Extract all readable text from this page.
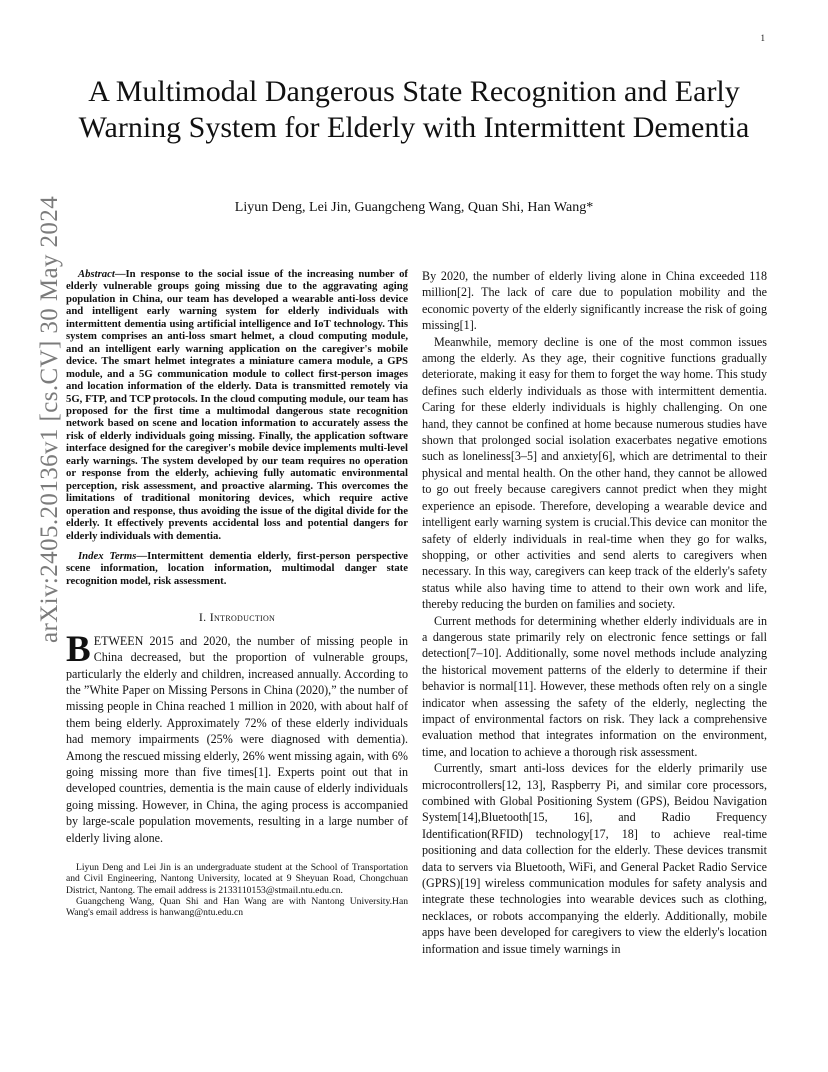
1
arXiv:2405.20136v1 [cs.CV] 30 May 2024
A Multimodal Dangerous State Recognition and Early Warning System for Elderly with Intermittent Dementia
Liyun Deng, Lei Jin, Guangcheng Wang, Quan Shi, Han Wang*

Abstract—In response to the social issue of the increasing number of elderly vulnerable groups going missing due to the aggravating aging population in China, our team has developed a wearable anti-loss device and intelligent early warning system for elderly individuals with intermittent dementia using artificial intelligence and IoT technology. This system comprises an anti-loss smart helmet, a cloud computing module, and an intelligent early warning application on the caregiver's mobile device. The smart helmet integrates a miniature camera module, a GPS module, and a 5G communication module to collect first-person images and location information of the elderly. Data is transmitted remotely via 5G, FTP, and TCP protocols. In the cloud computing module, our team has proposed for the first time a multimodal dangerous state recognition network based on scene and location information to accurately assess the risk of elderly individuals going missing. Finally, the application software interface designed for the caregiver's mobile device implements multi-level early warnings. The system developed by our team requires no operation or response from the elderly, achieving fully automatic environmental perception, risk assessment, and proactive alarming. This overcomes the limitations of traditional monitoring devices, which require active operation and response, thus avoiding the issue of the digital divide for the elderly. It effectively prevents accidental loss and potential dangers for elderly individuals with dementia.

Index Terms—Intermittent dementia elderly, first-person perspective scene information, location information, multimodal danger state recognition model, risk assessment.

I. Introduction

BETWEEN 2015 and 2020, the number of missing people in China decreased, but the proportion of vulnerable groups, particularly the elderly and children, increased annually. According to the ”White Paper on Missing Persons in China (2020),” the number of missing people in China reached 1 million in 2020, with about half of them being elderly. Approximately 72% of these elderly individuals had memory impairments (25% were diagnosed with dementia). Among the rescued missing elderly, 26% went missing again, with 6% going missing more than five times[1]. Experts point out that in developed countries, dementia is the main cause of elderly individuals going missing. However, in China, the aging process is accompanied by large-scale population movements, resulting in a large number of elderly living alone.

Liyun Deng and Lei Jin is an undergraduate student at the School of Transportation and Civil Engineering, Nantong University, located at 9 Sheyuan Road, Chongchuan District, Nantong. The email address is 2133110153@stmail.ntu.edu.cn.

Guangcheng Wang, Quan Shi and Han Wang are with Nantong University.Han Wang's email address is hanwang@ntu.edu.cn

By 2020, the number of elderly living alone in China exceeded 118 million[2]. The lack of care due to population mobility and the economic poverty of the elderly significantly increase the risk of going missing[1].

Meanwhile, memory decline is one of the most common issues among the elderly. As they age, their cognitive functions gradually deteriorate, making it easy for them to forget the way home. This study defines such elderly individuals as those with intermittent dementia. Caring for these elderly individuals is highly challenging. On one hand, they cannot be confined at home because numerous studies have shown that prolonged social isolation exacerbates negative emotions such as loneliness[3–5] and anxiety[6], which are detrimental to their physical and mental health. On the other hand, they cannot be allowed to go out freely because caregivers cannot predict when they might experience an episode. Therefore, developing a wearable device and intelligent early warning system is crucial.This device can monitor the safety of elderly individuals in real-time when they go for walks, shopping, or other activities and send alerts to caregivers when necessary. In this way, caregivers can keep track of the elderly's safety status while also having time to attend to their own work and life, thereby reducing the burden on families and society.

Current methods for determining whether elderly individuals are in a dangerous state primarily rely on electronic fence settings or fall detection[7–10]. Additionally, some novel methods include analyzing the historical movement patterns of the elderly to determine if their behavior is normal[11]. However, these methods often rely on a single indicator when assessing the safety of the elderly, neglecting the impact of environmental factors on risk. They lack a comprehensive evaluation method that integrates information on the environment, time, and location to achieve a thorough risk assessment.

Currently, smart anti-loss devices for the elderly primarily use microcontrollers[12, 13], Raspberry Pi, and similar core processors, combined with Global Positioning System (GPS), Beidou Navigation System[14],Bluetooth[15, 16], and Radio Frequency Identification(RFID) technology[17, 18] to achieve real-time positioning and data collection for the elderly. These devices transmit data to servers via Bluetooth, WiFi, and General Packet Radio Service (GPRS)[19] wireless communication modules for safety analysis and integrate these technologies into wearable devices such as clothing, necklaces, or robots accompanying the elderly. Additionally, mobile apps have been developed for caregivers to view the elderly's location information and issue timely warnings in
